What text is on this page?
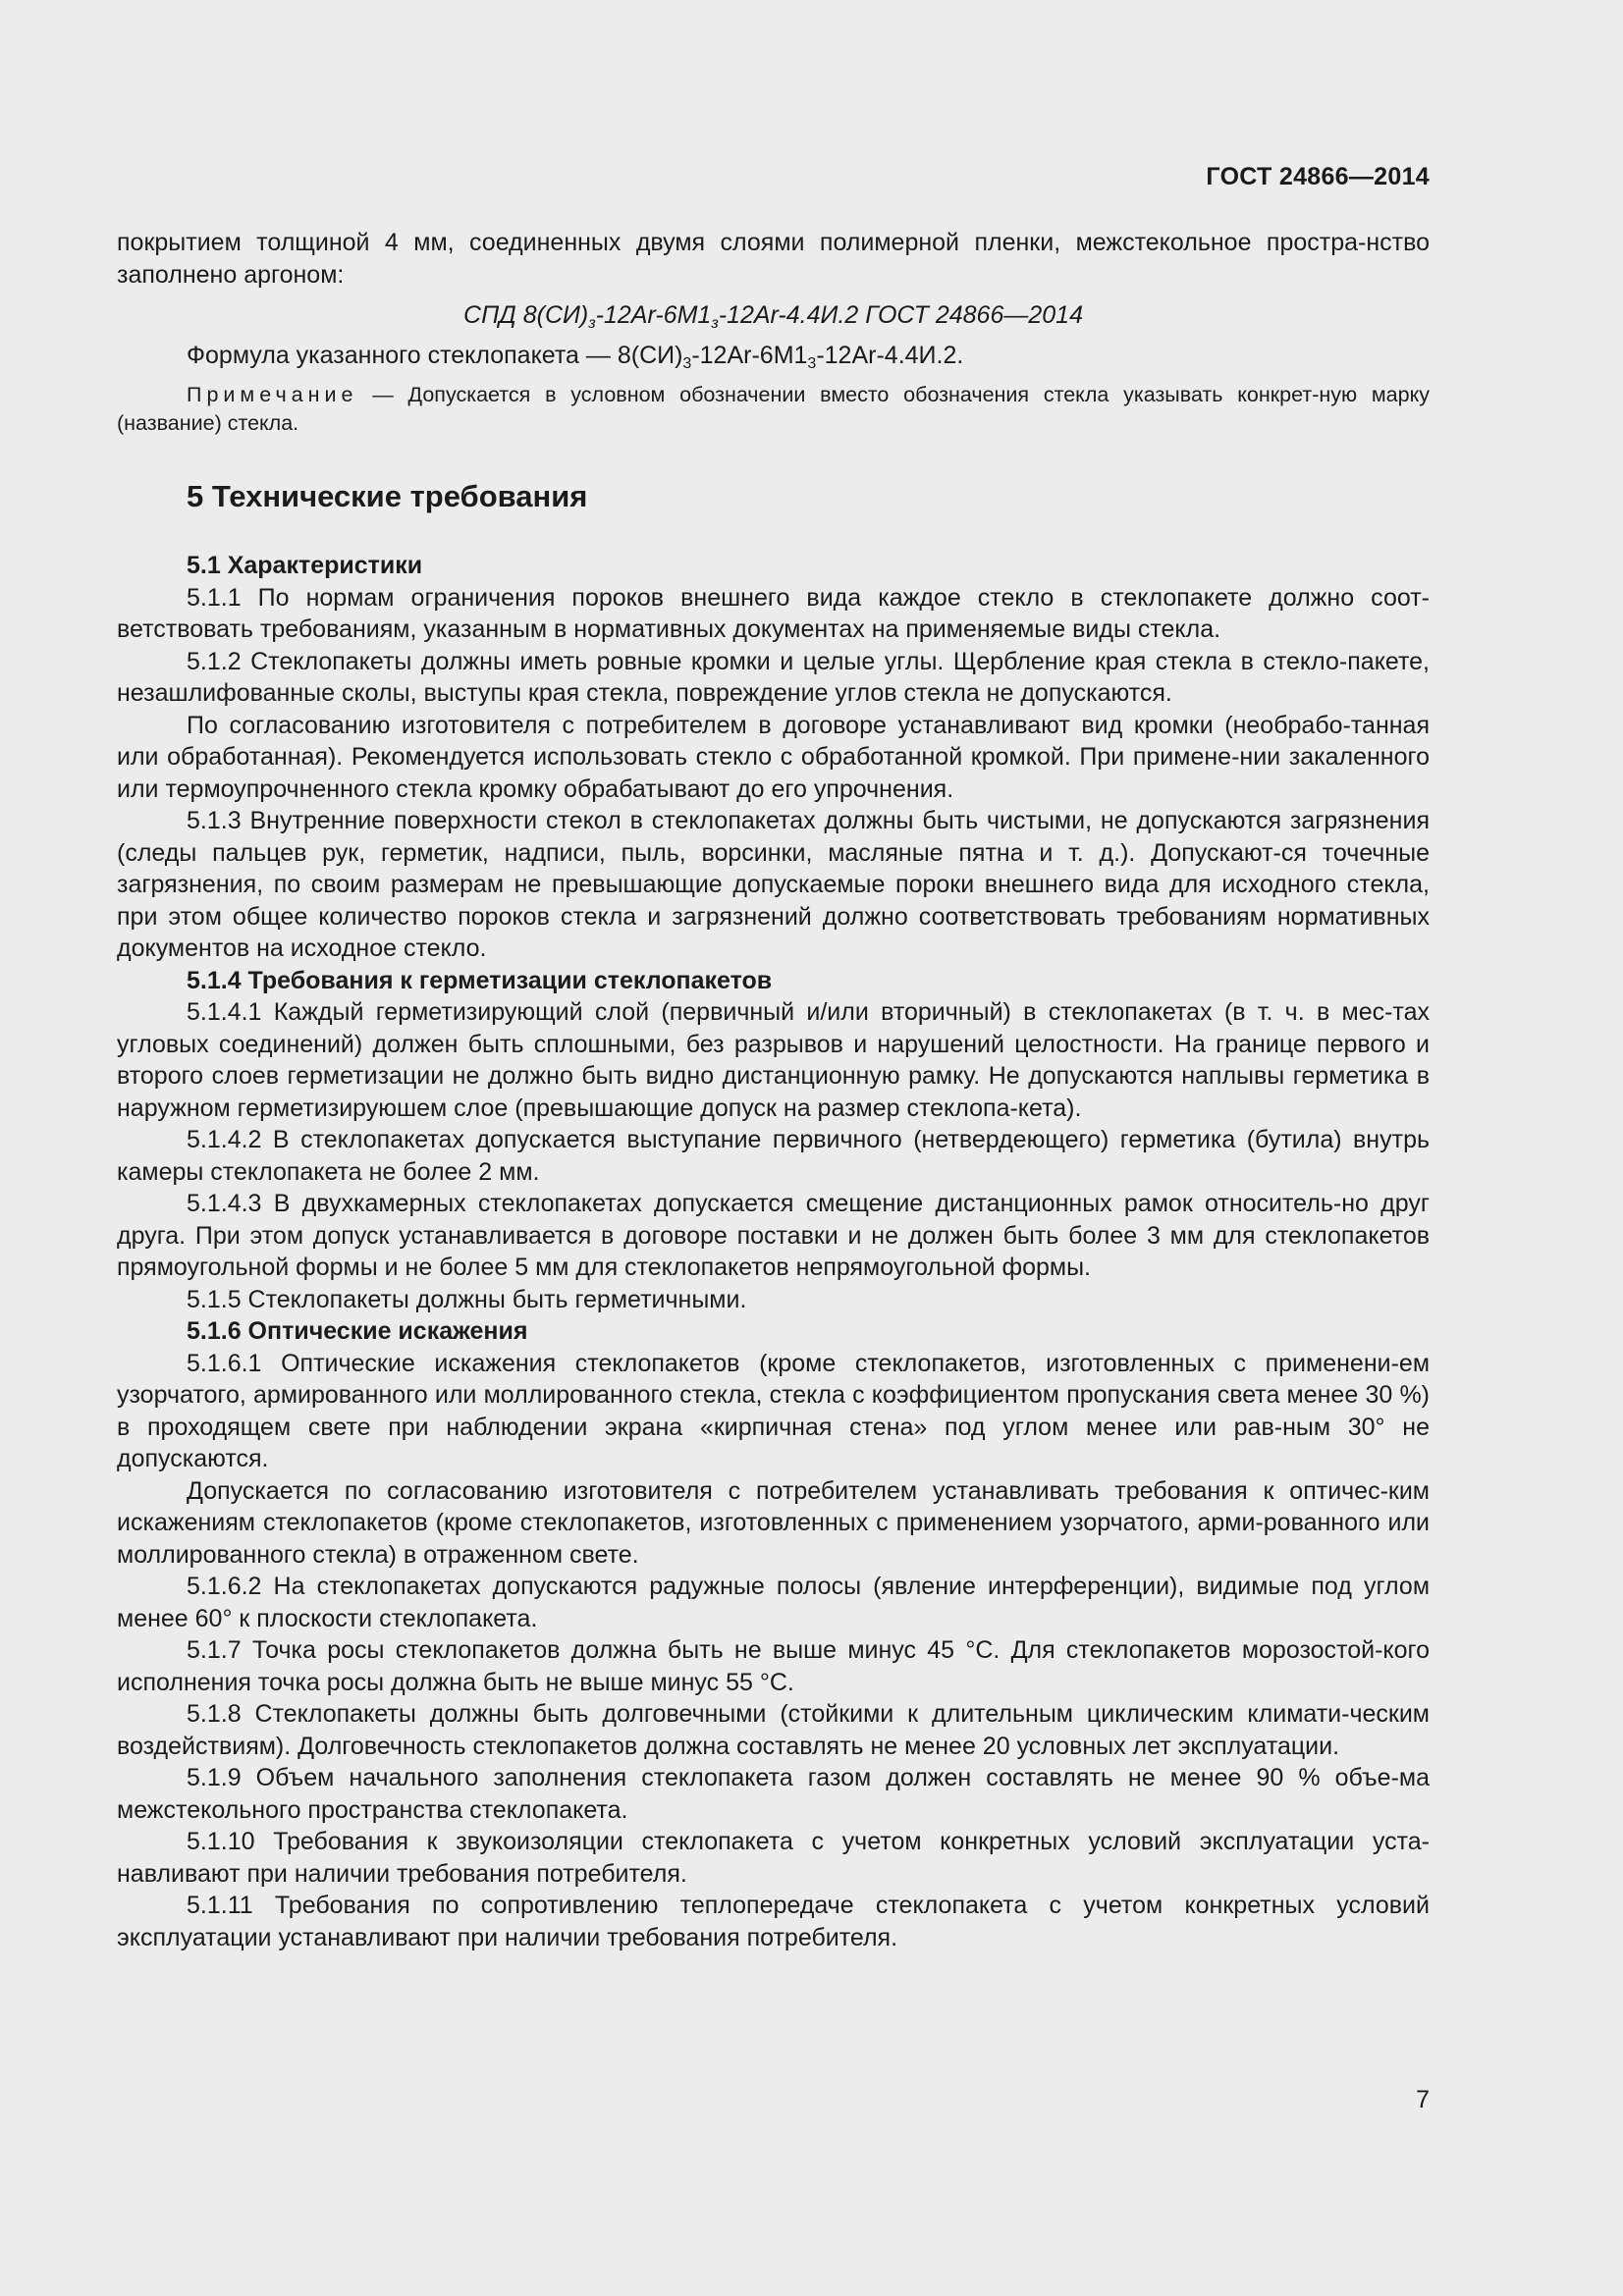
ГОСТ 24866—2014

покрытием толщиной 4 мм, соединенных двумя слоями полимерной пленки, межстекольное простра-нство заполнено аргоном:

СПД $8(СИ)_з-12Ar-6M1_з-12Ar-4.4И.2$ ГОСТ 24866—2014

Формула указанного стеклопакета — $8(СИ)_3-12Ar-6M1_3-12Ar-4.4И.2$.

Примечание — Допускается в условном обозначении вместо обозначения стекла указывать конкрет-ную марку (название) стекла.

5 Технические требования
5.1 Характеристики

5.1.1 По нормам ограничения пороков внешнего вида каждое стекло в стеклопакете должно соот-ветствовать требованиям, указанным в нормативных документах на применяемые виды стекла.

5.1.2 Стеклопакеты должны иметь ровные кромки и целые углы. Щербление края стекла в стекло-пакете, незашлифованные сколы, выступы края стекла, повреждение углов стекла не допускаются.

По согласованию изготовителя с потребителем в договоре устанавливают вид кромки (необрабо-танная или обработанная). Рекомендуется использовать стекло с обработанной кромкой. При примене-нии закаленного или термоупрочненного стекла кромку обрабатывают до его упрочнения.

5.1.3 Внутренние поверхности стекол в стеклопакетах должны быть чистыми, не допускаются загрязнения (следы пальцев рук, герметик, надписи, пыль, ворсинки, масляные пятна и т. д.). Допускают-ся точечные загрязнения, по своим размерам не превышающие допускаемые пороки внешнего вида для исходного стекла, при этом общее количество пороков стекла и загрязнений должно соответствовать требованиям нормативных документов на исходное стекло.

5.1.4 Требования к герметизации стеклопакетов

5.1.4.1 Каждый герметизирующий слой (первичный и/или вторичный) в стеклопакетах (в т. ч. в мес-тах угловых соединений) должен быть сплошными, без разрывов и нарушений целостности. На границе первого и второго слоев герметизации не должно быть видно дистанционную рамку. Не допускаются наплывы герметика в наружном герметизируюшем слое (превышающие допуск на размер стеклопа-кета).

5.1.4.2 В стеклопакетах допускается выступание первичного (нетвердеющего) герметика (бутила) внутрь камеры стеклопакета не более 2 мм.

5.1.4.3 В двухкамерных стеклопакетах допускается смещение дистанционных рамок относитель-но друг друга. При этом допуск устанавливается в договоре поставки и не должен быть более 3 мм для стеклопакетов прямоугольной формы и не более 5 мм для стеклопакетов непрямоугольной формы.

5.1.5 Стеклопакеты должны быть герметичными.

5.1.6 Оптические искажения

5.1.6.1 Оптические искажения стеклопакетов (кроме стеклопакетов, изготовленных с применени-ем узорчатого, армированного или моллированного стекла, стекла с коэффициентом пропускания света менее 30 %) в проходящем свете при наблюдении экрана «кирпичная стена» под углом менее или рав-ным 30° не допускаются.

Допускается по согласованию изготовителя с потребителем устанавливать требования к оптичес-ким искажениям стеклопакетов (кроме стеклопакетов, изготовленных с применением узорчатого, арми-рованного или моллированного стекла) в отраженном свете.

5.1.6.2 На стеклопакетах допускаются радужные полосы (явление интерференции), видимые под углом менее 60° к плоскости стеклопакета.

5.1.7 Точка росы стеклопакетов должна быть не выше минус 45 °С. Для стеклопакетов морозостой-кого исполнения точка росы должна быть не выше минус 55 °С.

5.1.8 Стеклопакеты должны быть долговечными (стойкими к длительным циклическим климати-ческим воздействиям). Долговечность стеклопакетов должна составлять не менее 20 условных лет эксплуатации.

5.1.9 Объем начального заполнения стеклопакета газом должен составлять не менее 90 % объе-ма межстекольного пространства стеклопакета.

5.1.10 Требования к звукоизоляции стеклопакета с учетом конкретных условий эксплуатации уста-навливают при наличии требования потребителя.

5.1.11 Требования по сопротивлению теплопередаче стеклопакета с учетом конкретных условий эксплуатации устанавливают при наличии требования потребителя.

7
